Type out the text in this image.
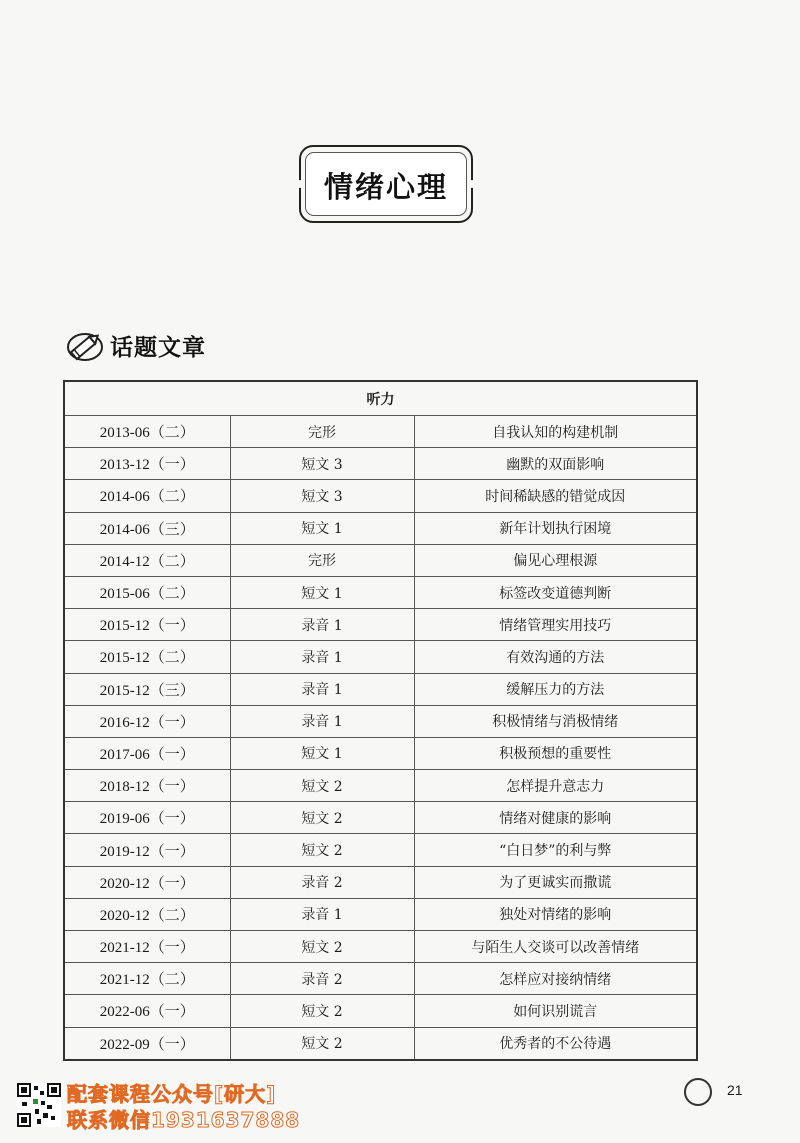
情绪心理
话题文章
听力		
2013-06（二）	完形	自我认知的构建机制
2013-12（一）	短文 3	幽默的双面影响
2014-06（二）	短文 3	时间稀缺感的错觉成因
2014-06（三）	短文 1	新年计划执行困境
2014-12（二）	完形	偏见心理根源
2015-06（二）	短文 1	标签改变道德判断
2015-12（一）	录音 1	情绪管理实用技巧
2015-12（二）	录音 1	有效沟通的方法
2015-12（三）	录音 1	缓解压力的方法
2016-12（一）	录音 1	积极情绪与消极情绪
2017-06（一）	短文 1	积极预想的重要性
2018-12（一）	短文 2	怎样提升意志力
2019-06（一）	短文 2	情绪对健康的影响
2019-12（一）	短文 2	“白日梦”的利与弊
2020-12（一）	录音 2	为了更诚实而撒谎
2020-12（二）	录音 1	独处对情绪的影响
2021-12（一）	短文 2	与陌生人交谈可以改善情绪
2021-12（二）	录音 2	怎样应对接纳情绪
2022-06（一）	短文 2	如何识别谎言
2022-09（一）	短文 2	优秀者的不公待遇
配套课程公众号[研大]
联系微信1931637888
21
